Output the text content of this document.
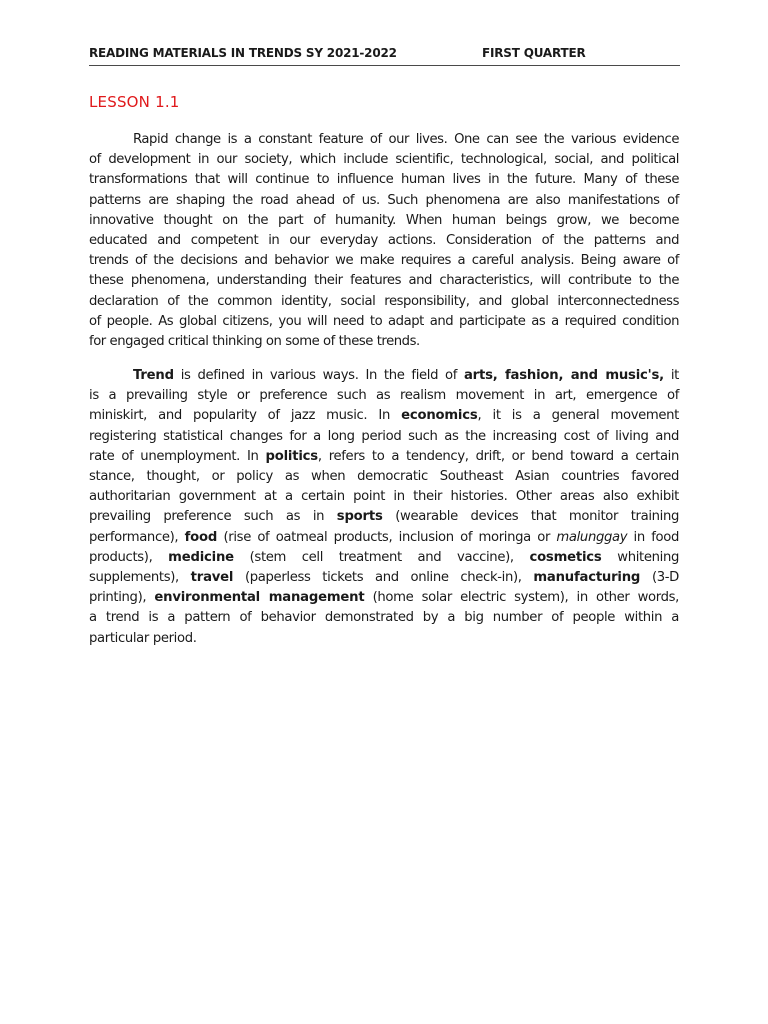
READING MATERIALS IN TRENDS SY 2021-2022	FIRST QUARTER
LESSON 1.1
Rapid change is a constant feature of our lives. One can see the various evidence
of development in our society, which include scientific, technological, social, and political
transformations that will continue to influence human lives in the future. Many of these
patterns are shaping the road ahead of us. Such phenomena are also manifestations of
innovative thought on the part of humanity. When human beings grow, we become
educated and competent in our everyday actions. Consideration of the patterns and
trends of the decisions and behavior we make requires a careful analysis. Being aware of
these phenomena, understanding their features and characteristics, will contribute to the
declaration of the common identity, social responsibility, and global interconnectedness
of people. As global citizens, you will need to adapt and participate as a required condition
for engaged critical thinking on some of these trends.
Trend is defined in various ways. In the field of arts, fashion, and music's, it
is a prevailing style or preference such as realism movement in art, emergence of
miniskirt, and popularity of jazz music. In economics, it is a general movement
registering statistical changes for a long period such as the increasing cost of living and
rate of unemployment. In politics, refers to a tendency, drift, or bend toward a certain
stance, thought, or policy as when democratic Southeast Asian countries favored
authoritarian government at a certain point in their histories. Other areas also exhibit
prevailing preference such as in sports (wearable devices that monitor training
performance), food (rise of oatmeal products, inclusion of moringa or malunggay in food
products), medicine (stem cell treatment and vaccine), cosmetics whitening
supplements), travel (paperless tickets and online check-in), manufacturing (3-D
printing), environmental management (home solar electric system), in other words,
a trend is a pattern of behavior demonstrated by a big number of people within a
particular period.
